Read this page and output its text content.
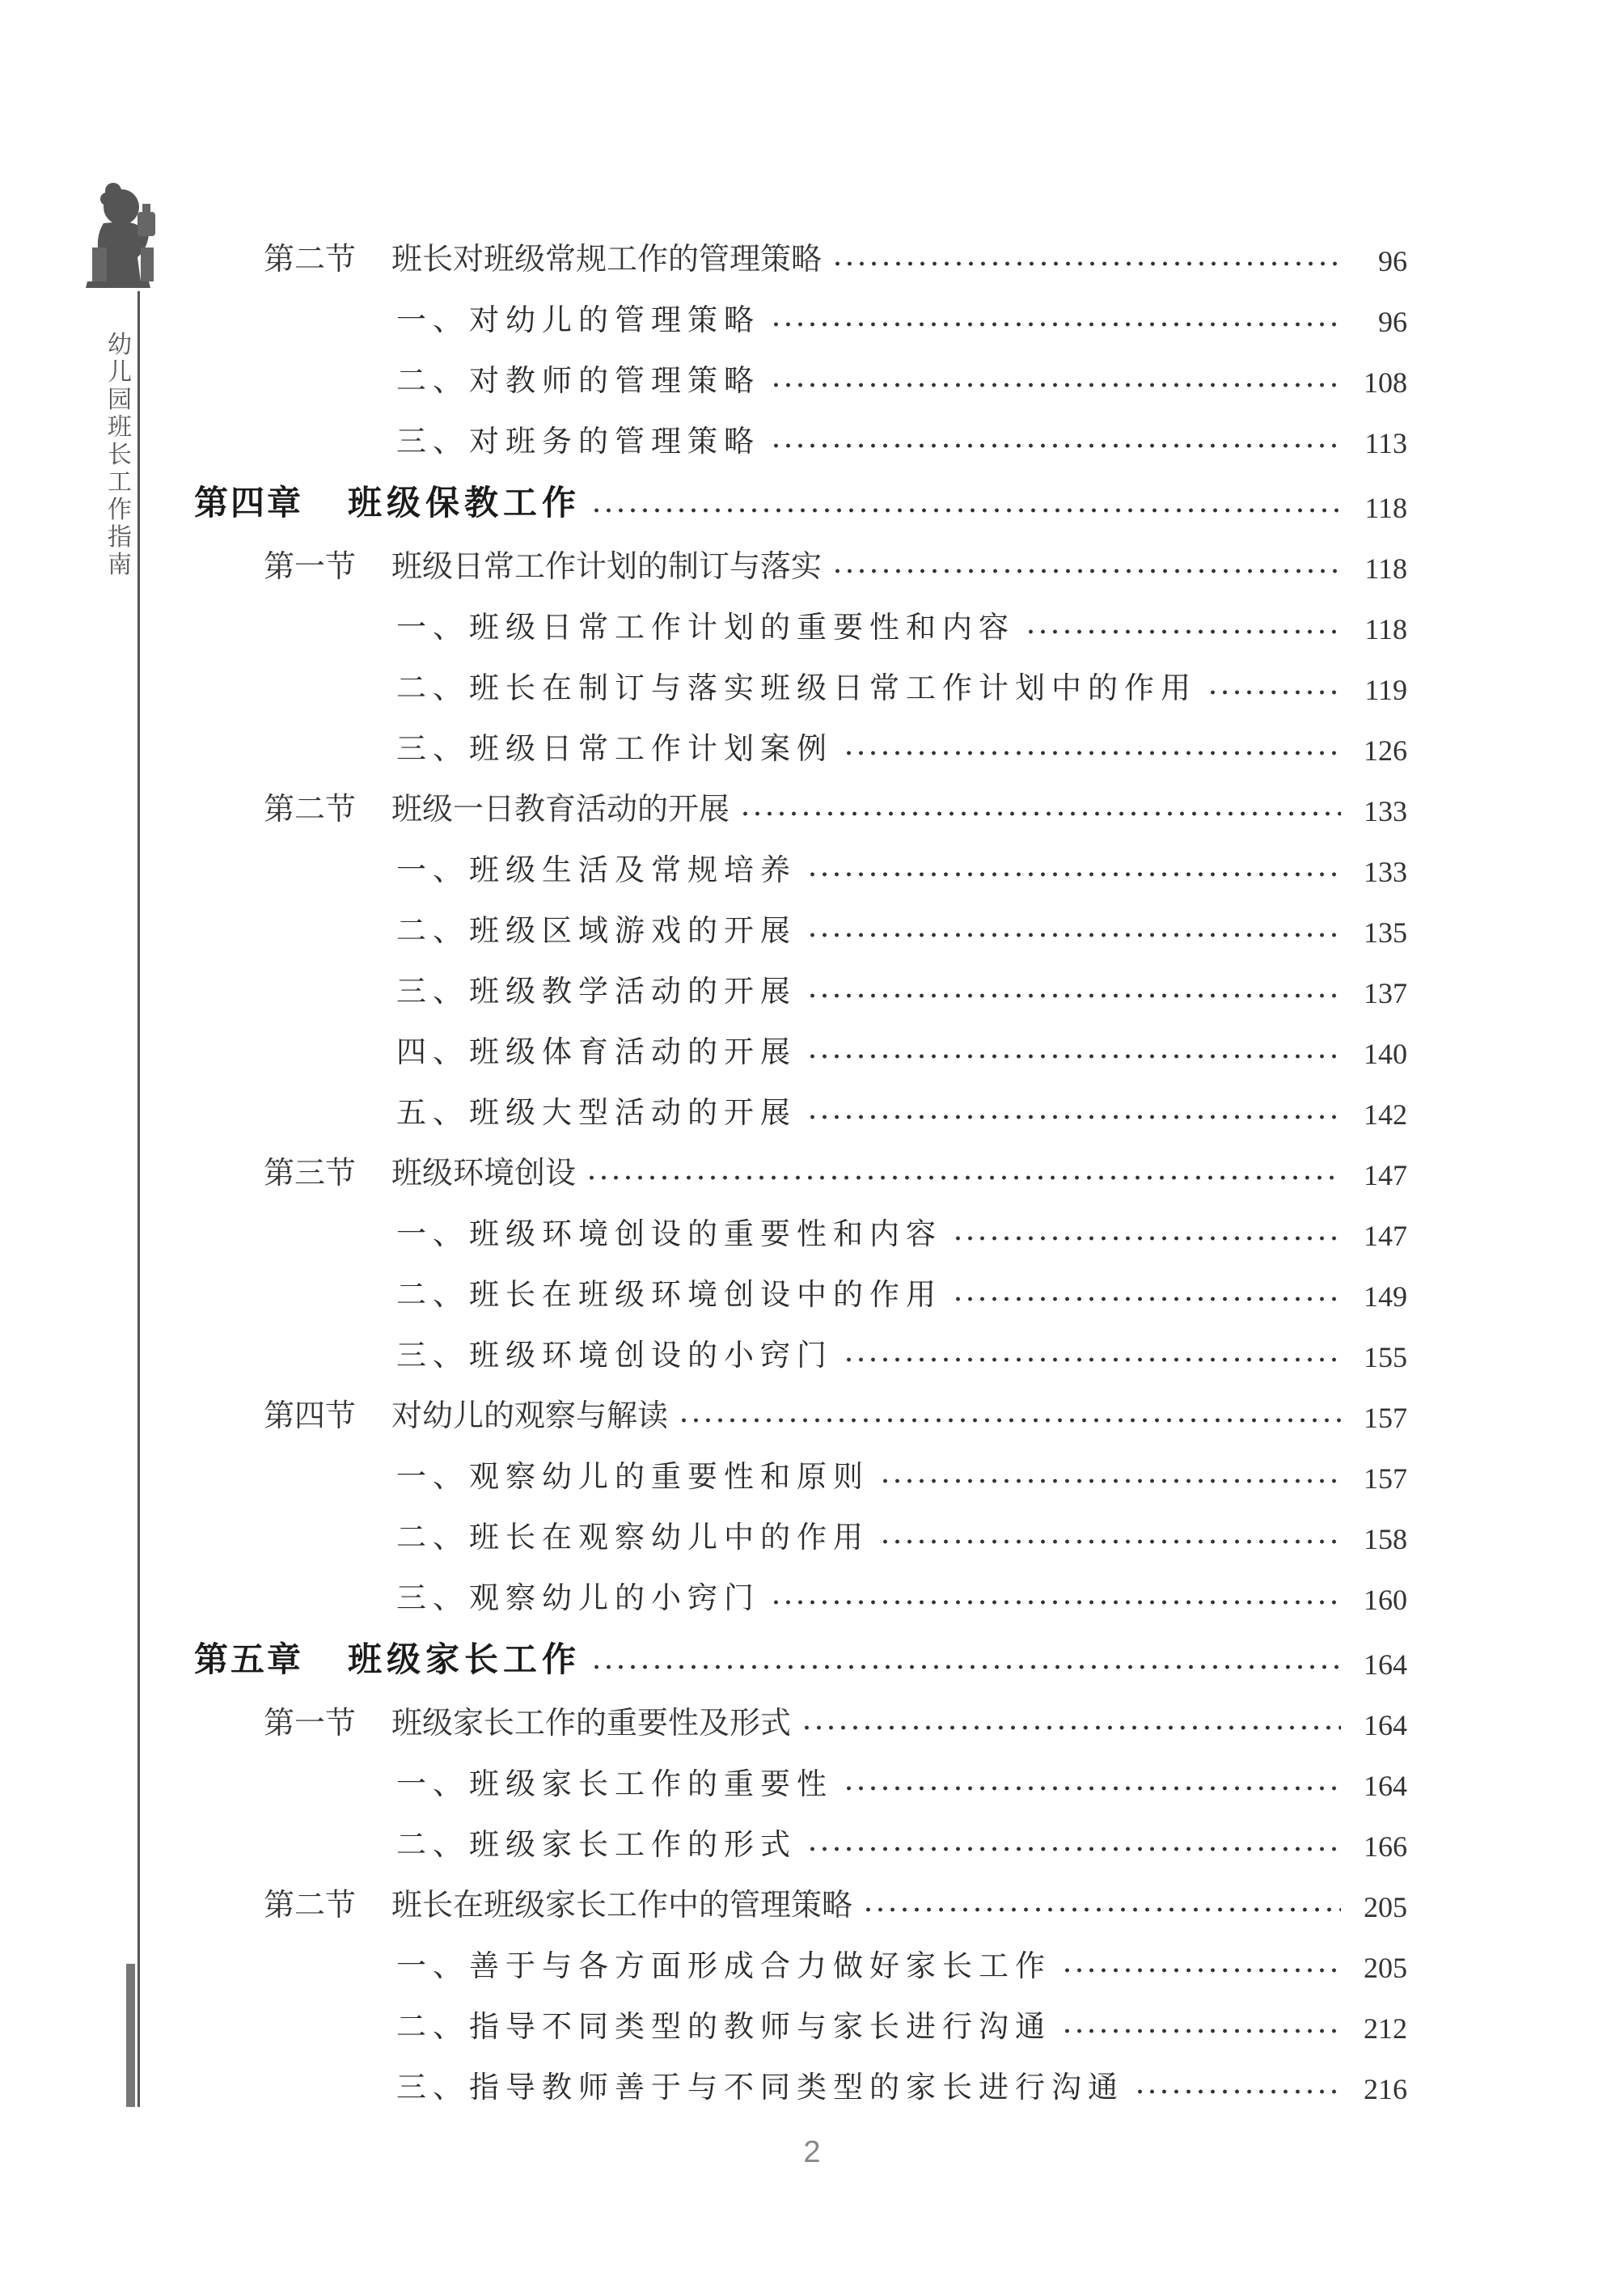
幼
儿
园
班
长
工
作
指
南
第二节	班长对班级常规工作的管理策略	96
一、对幼儿的管理策略	96
二、对教师的管理策略	108
三、对班务的管理策略	113
第四章	班级保教工作	118
第一节	班级日常工作计划的制订与落实	118
一、班级日常工作计划的重要性和内容	118
二、班长在制订与落实班级日常工作计划中的作用	119
三、班级日常工作计划案例	126
第二节	班级一日教育活动的开展	133
一、班级生活及常规培养	133
二、班级区域游戏的开展	135
三、班级教学活动的开展	137
四、班级体育活动的开展	140
五、班级大型活动的开展	142
第三节	班级环境创设	147
一、班级环境创设的重要性和内容	147
二、班长在班级环境创设中的作用	149
三、班级环境创设的小窍门	155
第四节	对幼儿的观察与解读	157
一、观察幼儿的重要性和原则	157
二、班长在观察幼儿中的作用	158
三、观察幼儿的小窍门	160
第五章	班级家长工作	164
第一节	班级家长工作的重要性及形式	164
一、班级家长工作的重要性	164
二、班级家长工作的形式	166
第二节	班长在班级家长工作中的管理策略	205
一、善于与各方面形成合力做好家长工作	205
二、指导不同类型的教师与家长进行沟通	212
三、指导教师善于与不同类型的家长进行沟通	216
2
